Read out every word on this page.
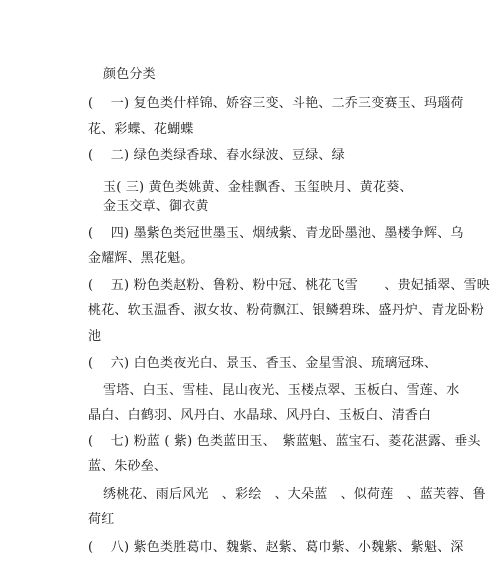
颜色分类
(　 一) 复色类什样锦、娇容三变、斗艳、二乔三变赛玉、玛瑙荷
花、彩蝶、花蝴蝶
(　 二) 绿色类绿香球、春水绿波、豆绿、绿
玉( 三) 黄色类姚黄、金桂飘香、玉玺映月、黄花葵、
金玉交章、御衣黄
(　 四) 墨紫色类冠世墨玉、烟绒紫、青龙卧墨池、墨楼争辉、乌
金耀辉、黑花魁。
(　 五) 粉色类赵粉、鲁粉、粉中冠、桃花飞雪　　、贵妃插翠、雪映
桃花、软玉温香、淑女妆、粉荷飘江、银鳞碧珠、盛丹炉、青龙卧粉
池
(　 六) 白色类夜光白、景玉、香玉、金星雪浪、琉璃冠珠、
雪塔、白玉、雪桂、昆山夜光、玉楼点翠、玉板白、雪莲、水
晶白、白鹤羽、风丹白、水晶球、风丹白、玉板白、清香白
(　 七) 粉蓝 ( 紫) 色类蓝田玉、　紫蓝魁、蓝宝石、菱花湛露、垂头
蓝、朱砂垒、
绣桃花、雨后风光　、彩绘　、大朵蓝　、似荷莲　、蓝芙蓉、鲁
荷红
(　 八) 紫色类胜葛巾、魏紫、赵紫、葛巾紫、小魏紫、紫魁、深
